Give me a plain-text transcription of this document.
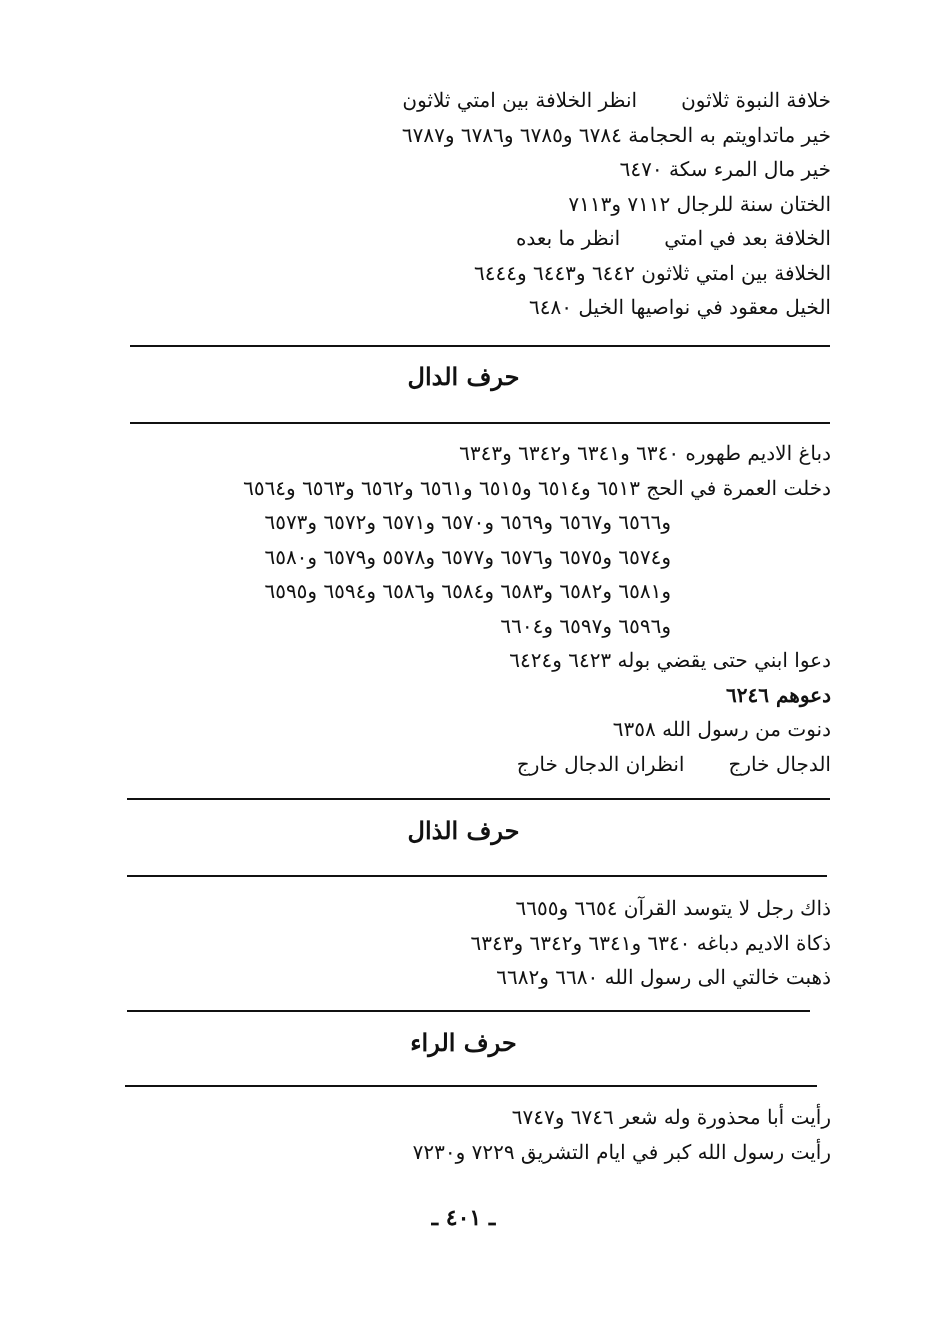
خلافة النبوة ثلاثونانظر الخلافة بين امتي ثلاثون
خير ماتداويتم به الحجامة ٦٧٨٤ و٦٧٨٥ و٦٧٨٦ و٦٧٨٧
خير مال المرء سكة ٦٤٧٠
الختان سنة للرجال ٧١١٢ و٧١١٣
الخلافة بعد في امتيانظر ما بعده
الخلافة بين امتي ثلاثون ٦٤٤٢ و٦٤٤٣ و٦٤٤٤
الخيل معقود في نواصيها الخيل ٦٤٨٠
حرف الدال
دباغ الاديم طهوره ٦٣٤٠ و٦٣٤١ و٦٣٤٢ و٦٣٤٣
دخلت العمرة في الحج ٦٥١٣ و٦٥١٤ و٦٥١٥ و٦٥٦١ و٦٥٦٢ و٦٥٦٣ و٦٥٦٤
و٦٥٦٦ و٦٥٦٧ و٦٥٦٩ و٦٥٧٠ و٦٥٧١ و٦٥٧٢ و٦٥٧٣
و٦٥٧٤ و٦٥٧٥ و٦٥٧٦ و٦٥٧٧ و٥٥٧٨ و٦٥٧٩ و٦٥٨٠
و٦٥٨١ و٦٥٨٢ و٦٥٨٣ و٦٥٨٤ و٦٥٨٦ و٦٥٩٤ و٦٥٩٥
و٦٥٩٦ و٦٥٩٧ و٦٦٠٤
دعوا ابني حتى يقضي بوله ٦٤٢٣ و٦٤٢٤
دعوهم ٦٢٤٦
دنوت من رسول الله ٦٣٥٨
الدجال خارجانظران الدجال خارج
حرف الذال
ذاك رجل لا يتوسد القرآن ٦٦٥٤ و٦٦٥٥
ذكاة الاديم دباغه ٦٣٤٠ و٦٣٤١ و٦٣٤٢ و٦٣٤٣
ذهبت خالتي الى رسول الله ٦٦٨٠ و٦٦٨٢
حرف الراء
رأيت أبا محذورة وله شعر ٦٧٤٦ و٦٧٤٧
رأيت رسول الله كبر في ايام التشريق ٧٢٢٩ و٧٢٣٠
ـ ٤٠١ ـ
